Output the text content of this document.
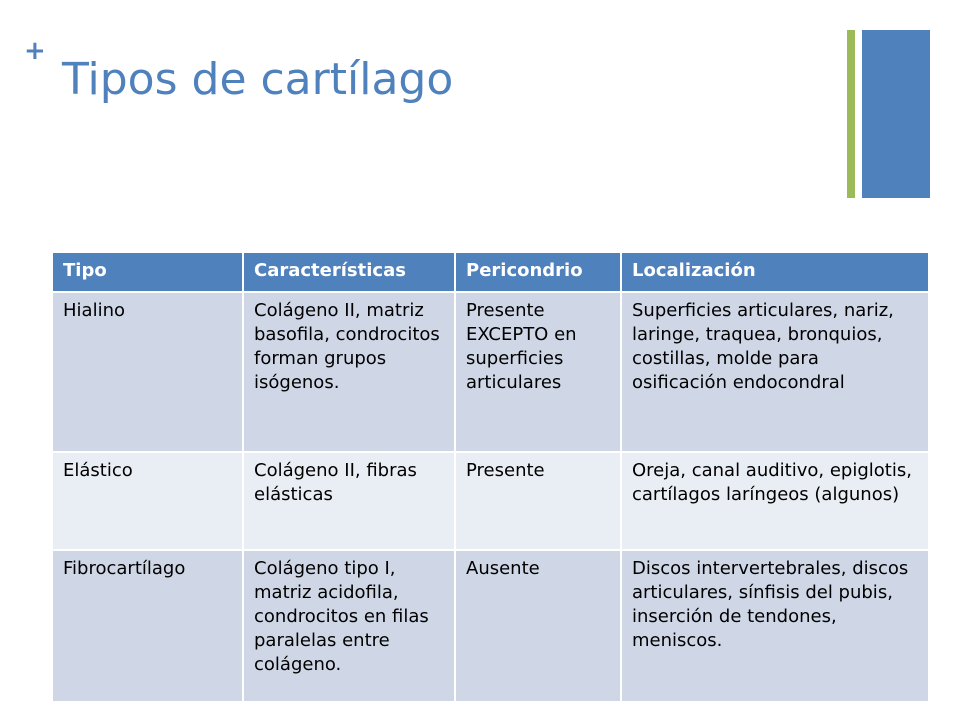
+
Tipos de cartílago
Tipo	Características	Pericondrio	Localización
Hialino	Colágeno II, matriz basofila, condrocitos forman grupos isógenos.	Presente EXCEPTO en superficies articulares	Superficies articulares, nariz, laringe, traquea, bronquios, costillas, molde para osificación endocondral
Elástico	Colágeno II, fibras elásticas	Presente	Oreja, canal auditivo, epiglotis, cartílagos laríngeos (algunos)
Fibrocartílago	Colágeno tipo I, matriz acidofila, condrocitos en filas paralelas entre colágeno.	Ausente	Discos intervertebrales, discos articulares, sínfisis del pubis, inserción de tendones, meniscos.
